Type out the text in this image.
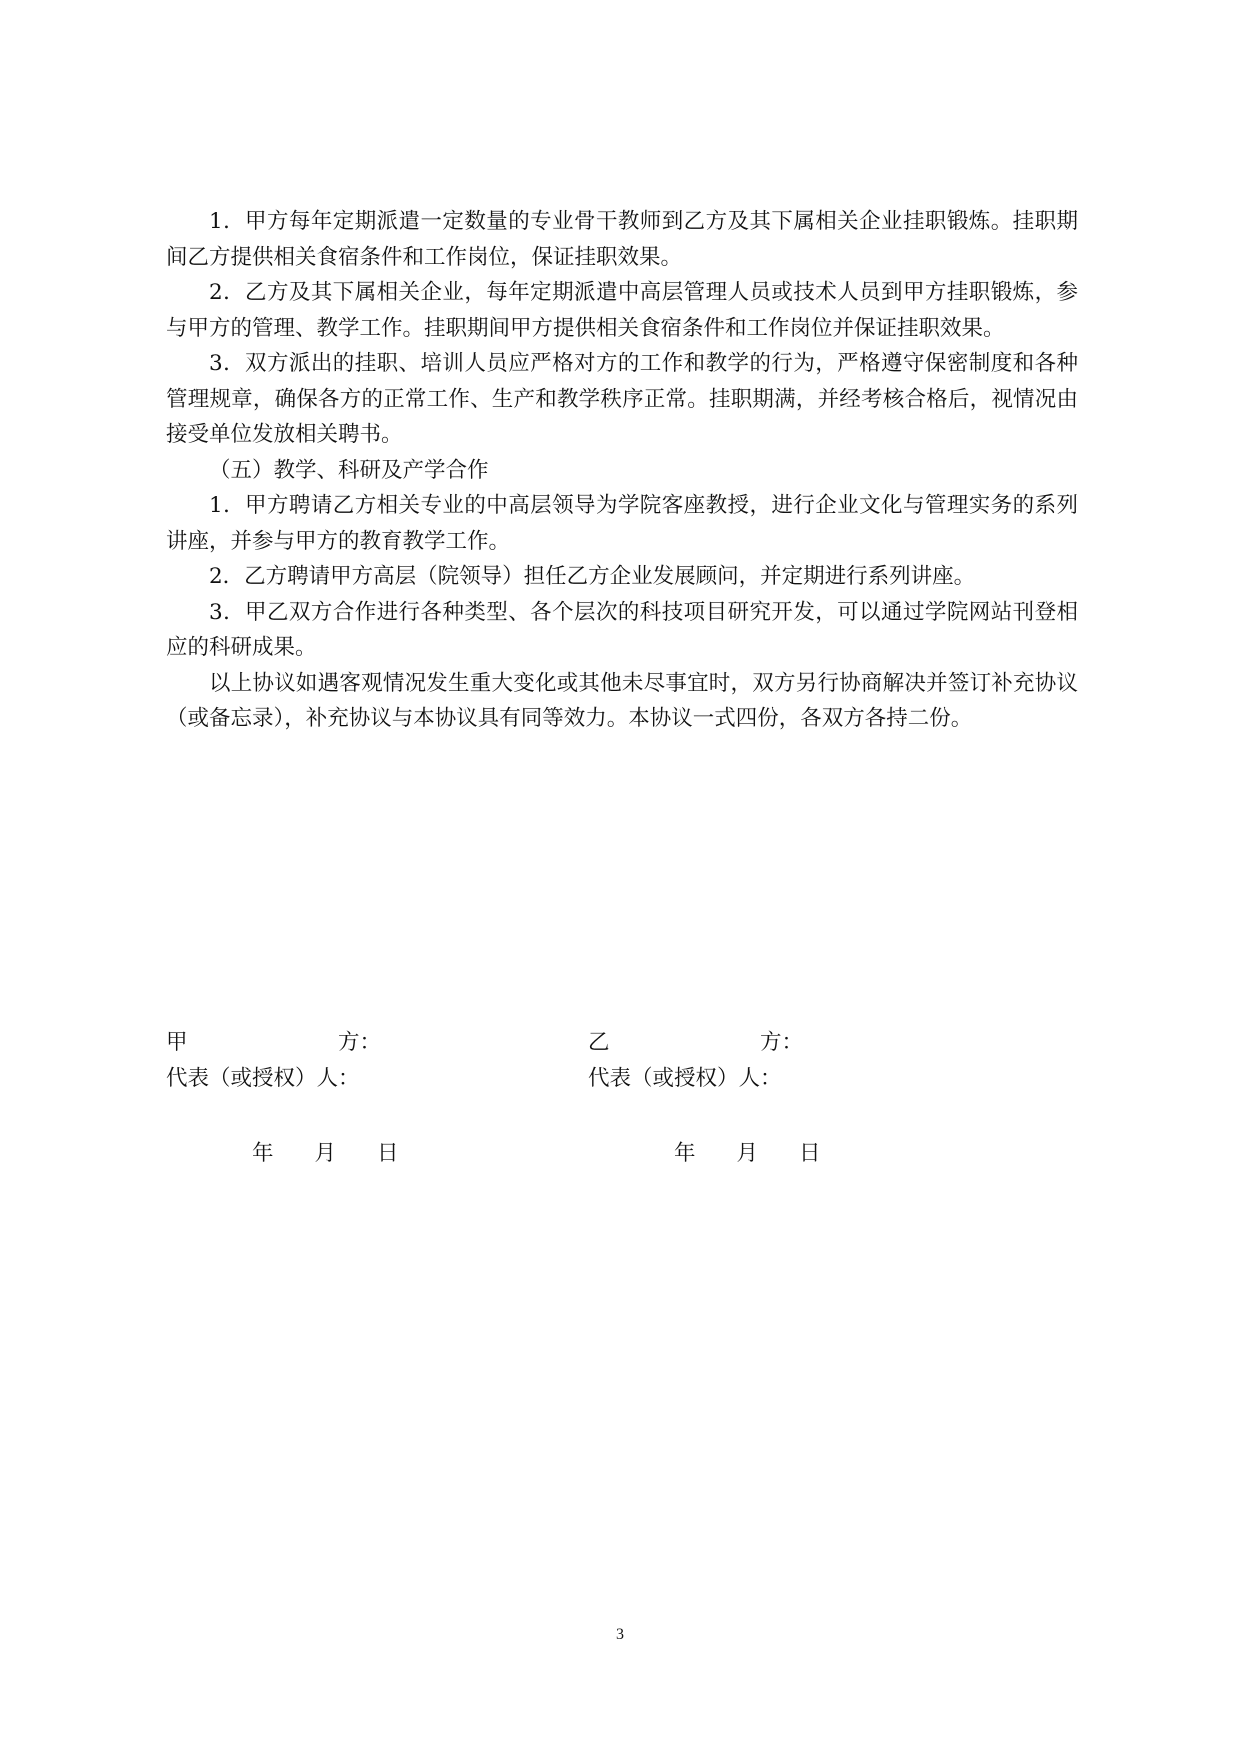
1．甲方每年定期派遣一定数量的专业骨干教师到乙方及其下属相关企业挂职锻炼。挂职期间乙方提供相关食宿条件和工作岗位，保证挂职效果。

2．乙方及其下属相关企业，每年定期派遣中高层管理人员或技术人员到甲方挂职锻炼，参与甲方的管理、教学工作。挂职期间甲方提供相关食宿条件和工作岗位并保证挂职效果。

3．双方派出的挂职、培训人员应严格对方的工作和教学的行为，严格遵守保密制度和各种管理规章，确保各方的正常工作、生产和教学秩序正常。挂职期满，并经考核合格后，视情况由接受单位发放相关聘书。

（五）教学、科研及产学合作

1．甲方聘请乙方相关专业的中高层领导为学院客座教授，进行企业文化与管理实务的系列讲座，并参与甲方的教育教学工作。

2．乙方聘请甲方高层（院领导）担任乙方企业发展顾问，并定期进行系列讲座。

3．甲乙双方合作进行各种类型、各个层次的科技项目研究开发，可以通过学院网站刊登相应的科研成果。

以上协议如遇客观情况发生重大变化或其他未尽事宜时，双方另行协商解决并签订补充协议（或备忘录），补充协议与本协议具有同等效力。本协议一式四份，各双方各持二份。

甲	方：
代表（或授权）人：
乙	方：
代表（或授权）人：
年      月      日	年      月      日
3
